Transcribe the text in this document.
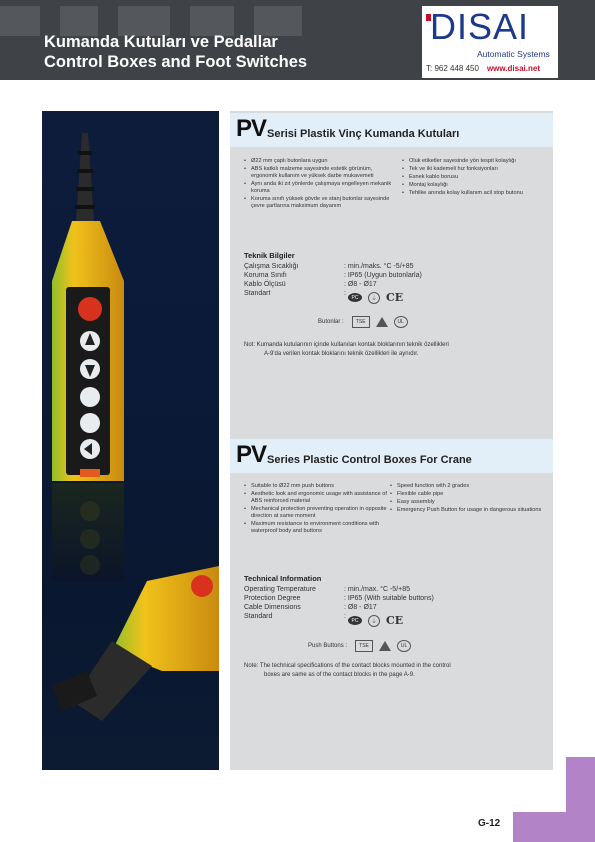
Kumanda Kutuları ve Pedallar
Control Boxes and Foot Switches
DISAI
Automatic Systems
T: 962 448 450 www.disai.net
PV Serisi Plastik Vinç Kumanda Kutuları
• Ø22 mm çaplı butonlara uygun
• ABS katkılı malzeme sayesinde estetik görünüm, ergonomik kullanım ve yüksek darbe mukavemeti
• Aynı anda iki zıt yönlerde çalışmaya engelleyen mekanik koruma
• Koruma sınıfı yüksek gövde ve stanj butonlar sayesinde çevre şartlarına maksimum dayanım
• Oluk etiketler sayesinde yön tespit kolaylığı
• Tek ve iki kademeli hız fonksiyonları
• Esnek kablo borusu
• Montaj kolaylığı
• Tehlike anında kolay kullanım acil stop butonu
Teknik Bilgiler
Çalışma Sıcaklığı	: min./maks. °C -5/+85
Koruma Sınıfı	: IP65 (Uygun butonlarla)
Kablo Ölçüsü	: Ø8 - Ø17
Standart	:
PC	⏚ CE
Butonlar :	TSE	UL
Not: Kumanda kutularının içinde kullanılan kontak bloklarının teknik özellikleri
A-9'da verilen kontak bloklarını teknik özellikleri ile aynıdır.
PV Series Plastic Control Boxes For Crane
• Suitable to Ø22 mm push buttons
• Aesthetic look and ergonomic usage with assistance of ABS reinforced material
• Mechanical protection preventing operation in opposite direction at same moment
• Maximum resistance to environment conditions with waterproof body and buttons
• Speed function with 2 grades
• Flexible cable pipe
• Easy assembly
• Emergency Push Button for usage in dangerous situations
Technical Information
Operating Temperature	: min./max. °C -5/+85
Protection Degree	: IP65 (With suitable buttons)
Cable Dimensions	: Ø8 - Ø17
Standard	:
PC	⏚ CE
Push Buttons :	TSE	UL
Note: The technical specifications of the contact blocks mounted in the control
boxes are same as of the contact blocks in the page A-9.
G-12
